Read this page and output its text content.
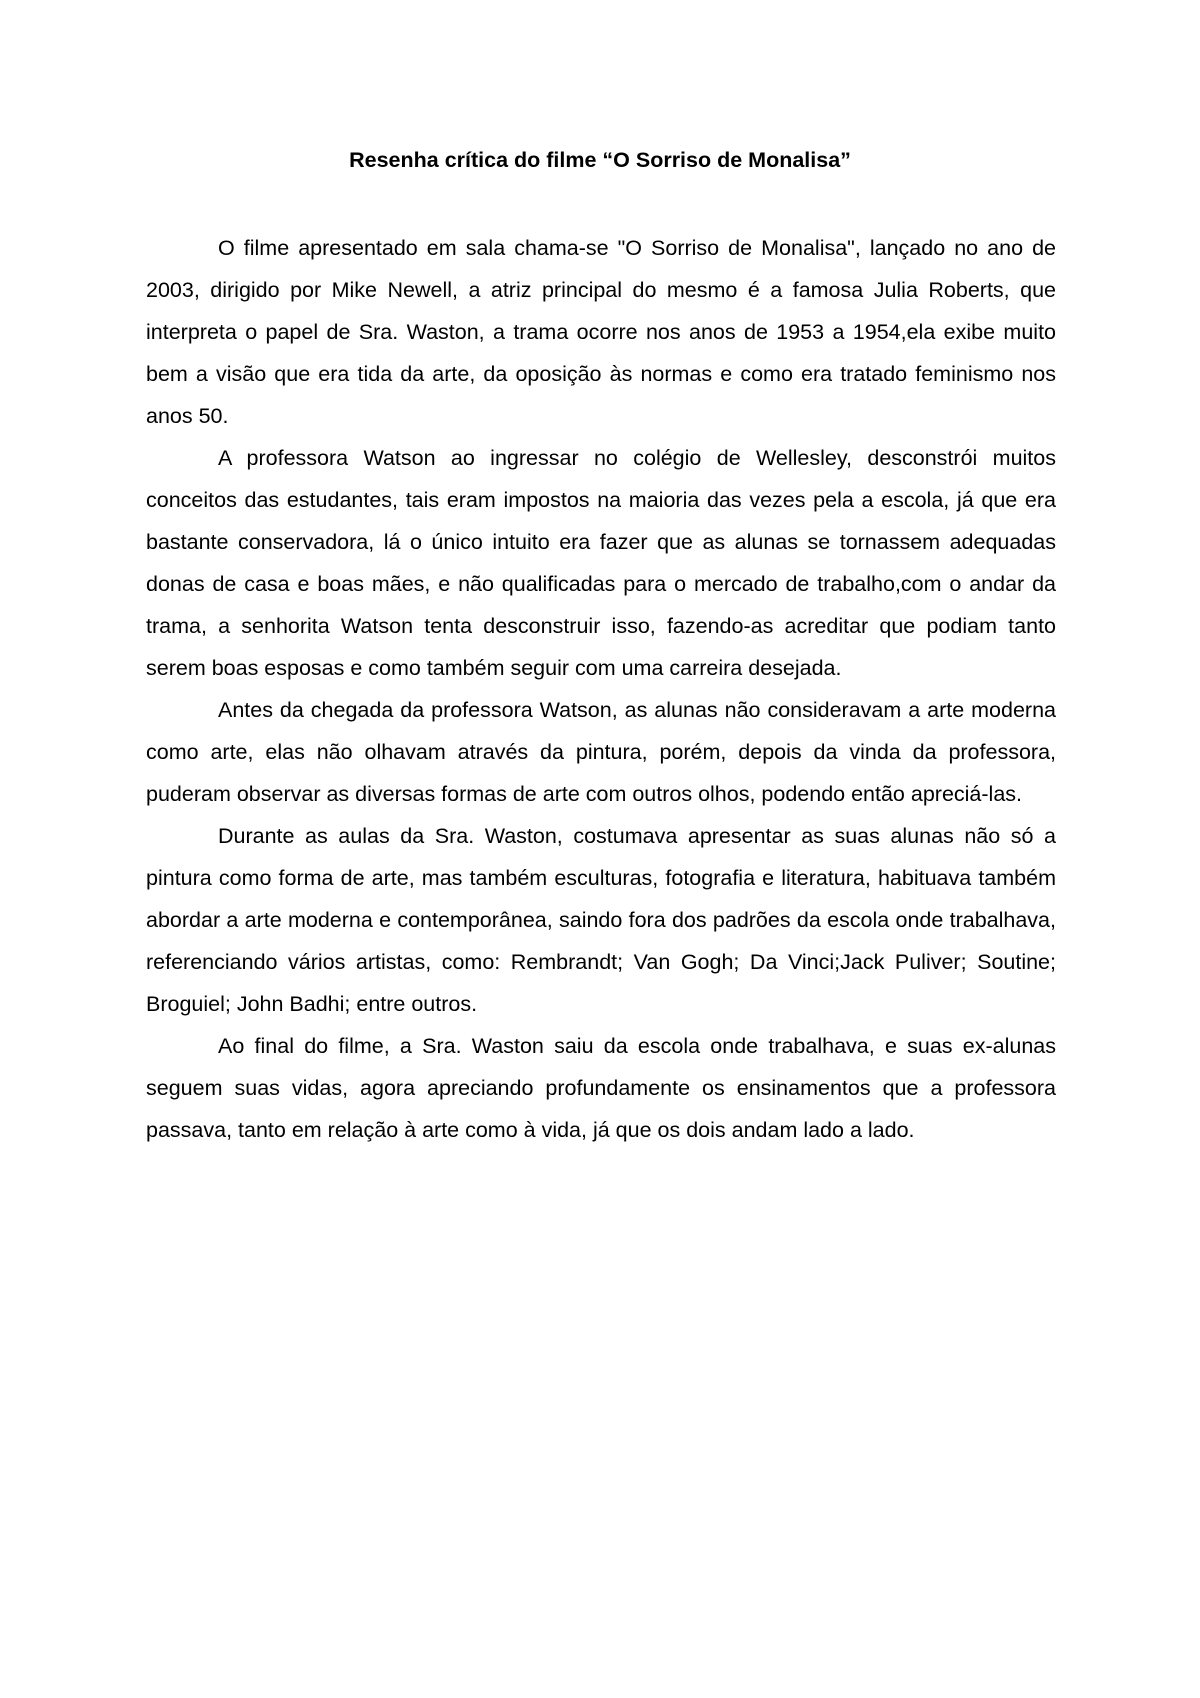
Resenha crítica do filme “O Sorriso de Monalisa”

O filme apresentado em sala chama-se "O Sorriso de Monalisa", lançado no ano de 2003, dirigido por Mike Newell, a atriz principal do mesmo é a famosa Julia Roberts, que interpreta o papel de Sra. Waston, a trama ocorre nos anos de 1953 a 1954,ela exibe muito bem a visão que era tida da arte, da oposição às normas e como era tratado feminismo nos anos 50.

A professora Watson ao ingressar no colégio de Wellesley, desconstrói muitos conceitos das estudantes, tais eram impostos na maioria das vezes pela a escola, já que era bastante conservadora, lá o único intuito era fazer que as alunas se tornassem adequadas donas de casa e boas mães, e não qualificadas para o mercado de trabalho,com o andar da trama, a senhorita Watson tenta desconstruir isso, fazendo-as acreditar que podiam tanto serem boas esposas e como também seguir com uma carreira desejada.

Antes da chegada da professora Watson, as alunas não consideravam a arte moderna como arte, elas não olhavam através da pintura, porém, depois da vinda da professora, puderam observar as diversas formas de arte com outros olhos, podendo então apreciá-las.

Durante as aulas da Sra. Waston, costumava apresentar as suas alunas não só a pintura como forma de arte, mas também esculturas, fotografia e literatura, habituava também abordar a arte moderna e contemporânea, saindo fora dos padrões da escola onde trabalhava, referenciando vários artistas, como: Rembrandt; Van Gogh; Da Vinci;Jack Puliver; Soutine; Broguiel; John Badhi; entre outros.

Ao final do filme, a Sra. Waston saiu da escola onde trabalhava, e suas ex-alunas seguem suas vidas, agora apreciando profundamente os ensinamentos que a professora passava, tanto em relação à arte como à vida, já que os dois andam lado a lado.
